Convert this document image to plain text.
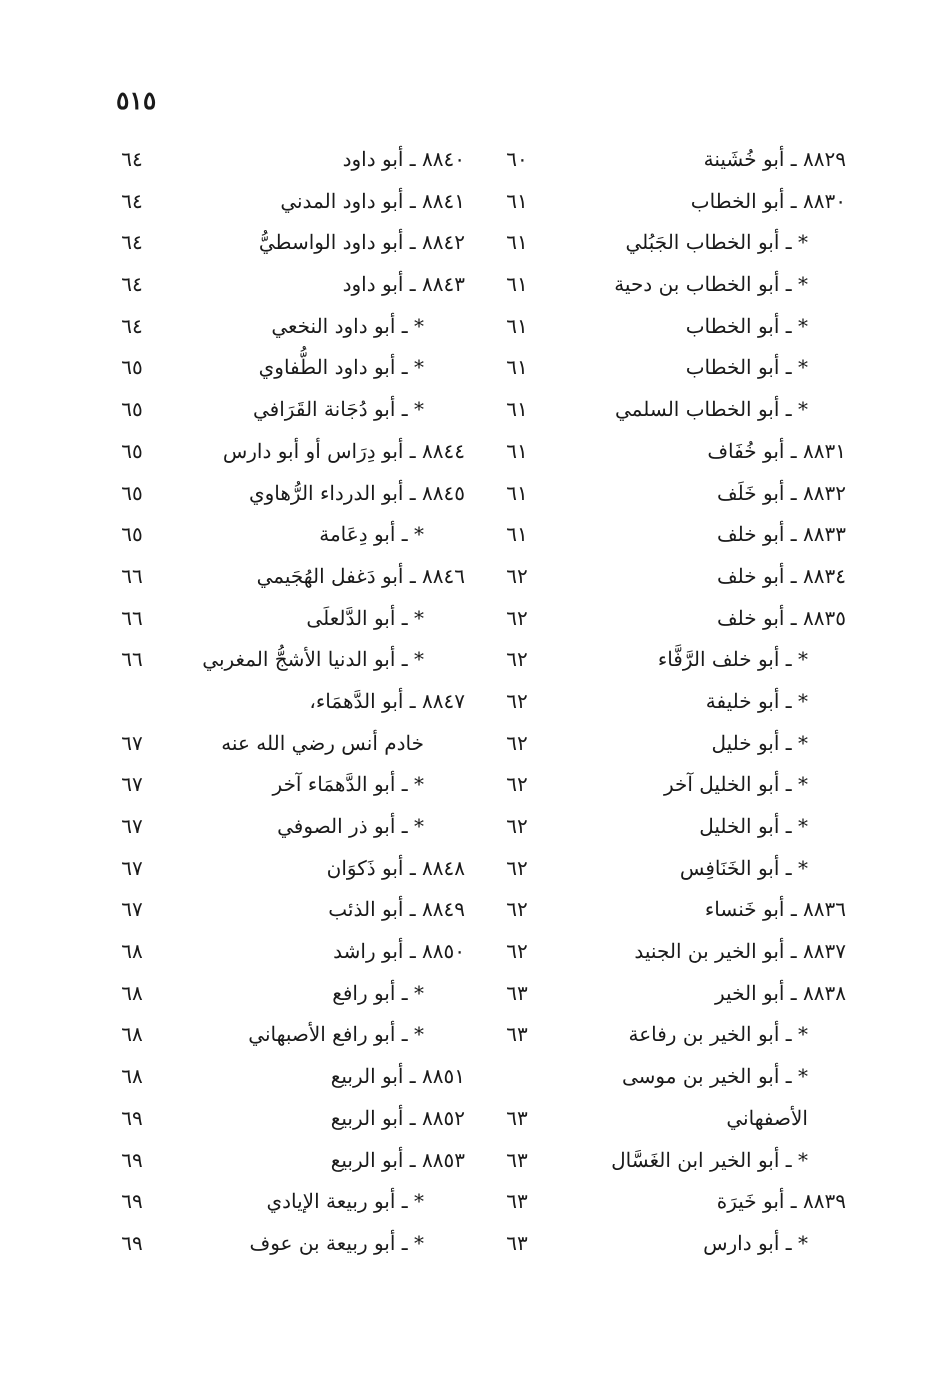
٥١٥
٨٨٢٩ ـ أبو خُشَينة
٦٠
٨٨٤٠ ـ أبو داود
٦٤
٨٨٣٠ ـ أبو الخطاب
٦١
٨٨٤١ ـ أبو داود المدني
٦٤
* ـ أبو الخطاب الجَبُلي
٦١
٨٨٤٢ ـ أبو داود الواسطيُّ
٦٤
* ـ أبو الخطاب بن دحية
٦١
٨٨٤٣ ـ أبو داود
٦٤
* ـ أبو الخطاب
٦١
* ـ أبو داود النخعي
٦٤
* ـ أبو الخطاب
٦١
* ـ أبو داود الطُّفاوي
٦٥
* ـ أبو الخطاب السلمي
٦١
* ـ أبو دُجَانة القَرَافي
٦٥
٨٨٣١ ـ أبو خُفَاف
٦١
٨٨٤٤ ـ أبو دِرَاس أو أبو دارس
٦٥
٨٨٣٢ ـ أبو خَلَف
٦١
٨٨٤٥ ـ أبو الدرداء الرُّهاوي
٦٥
٨٨٣٣ ـ أبو خلف
٦١
* ـ أبو دِعَامة
٦٥
٨٨٣٤ ـ أبو خلف
٦٢
٨٨٤٦ ـ أبو دَغفل الهُجَيمي
٦٦
٨٨٣٥ ـ أبو خلف
٦٢
* ـ أبو الدَّلعلَى
٦٦
* ـ أبو خلف الرَّفَّاء
٦٢
* ـ أبو الدنيا الأشجُّ المغربي
٦٦
* ـ أبو خليفة
٦٢
٨٨٤٧ ـ أبو الدَّهمَاء،
* ـ أبو خليل
٦٢
خادم أنس رضي الله عنه
٦٧
* ـ أبو الخليل آخر
٦٢
* ـ أبو الدَّهمَاء آخر
٦٧
* ـ أبو الخليل
٦٢
* ـ أبو ذر الصوفي
٦٧
* ـ أبو الخَنَافِس
٦٢
٨٨٤٨ ـ أبو ذَكوَان
٦٧
٨٨٣٦ ـ أبو خَنساء
٦٢
٨٨٤٩ ـ أبو الذئب
٦٧
٨٨٣٧ ـ أبو الخير بن الجنيد
٦٢
٨٨٥٠ ـ أبو راشد
٦٨
٨٨٣٨ ـ أبو الخير
٦٣
* ـ أبو رافع
٦٨
* ـ أبو الخير بن رفاعة
٦٣
* ـ أبو رافع الأصبهاني
٦٨
* ـ أبو الخير بن موسى
٨٨٥١ ـ أبو الربيع
٦٨
الأصفهاني
٦٣
٨٨٥٢ ـ أبو الربيع
٦٩
* ـ أبو الخير ابن الغَسَّال
٦٣
٨٨٥٣ ـ أبو الربيع
٦٩
٨٨٣٩ ـ أبو خَيرَة
٦٣
* ـ أبو ربيعة الإيادي
٦٩
* ـ أبو دارس
٦٣
* ـ أبو ربيعة بن عوف
٦٩
